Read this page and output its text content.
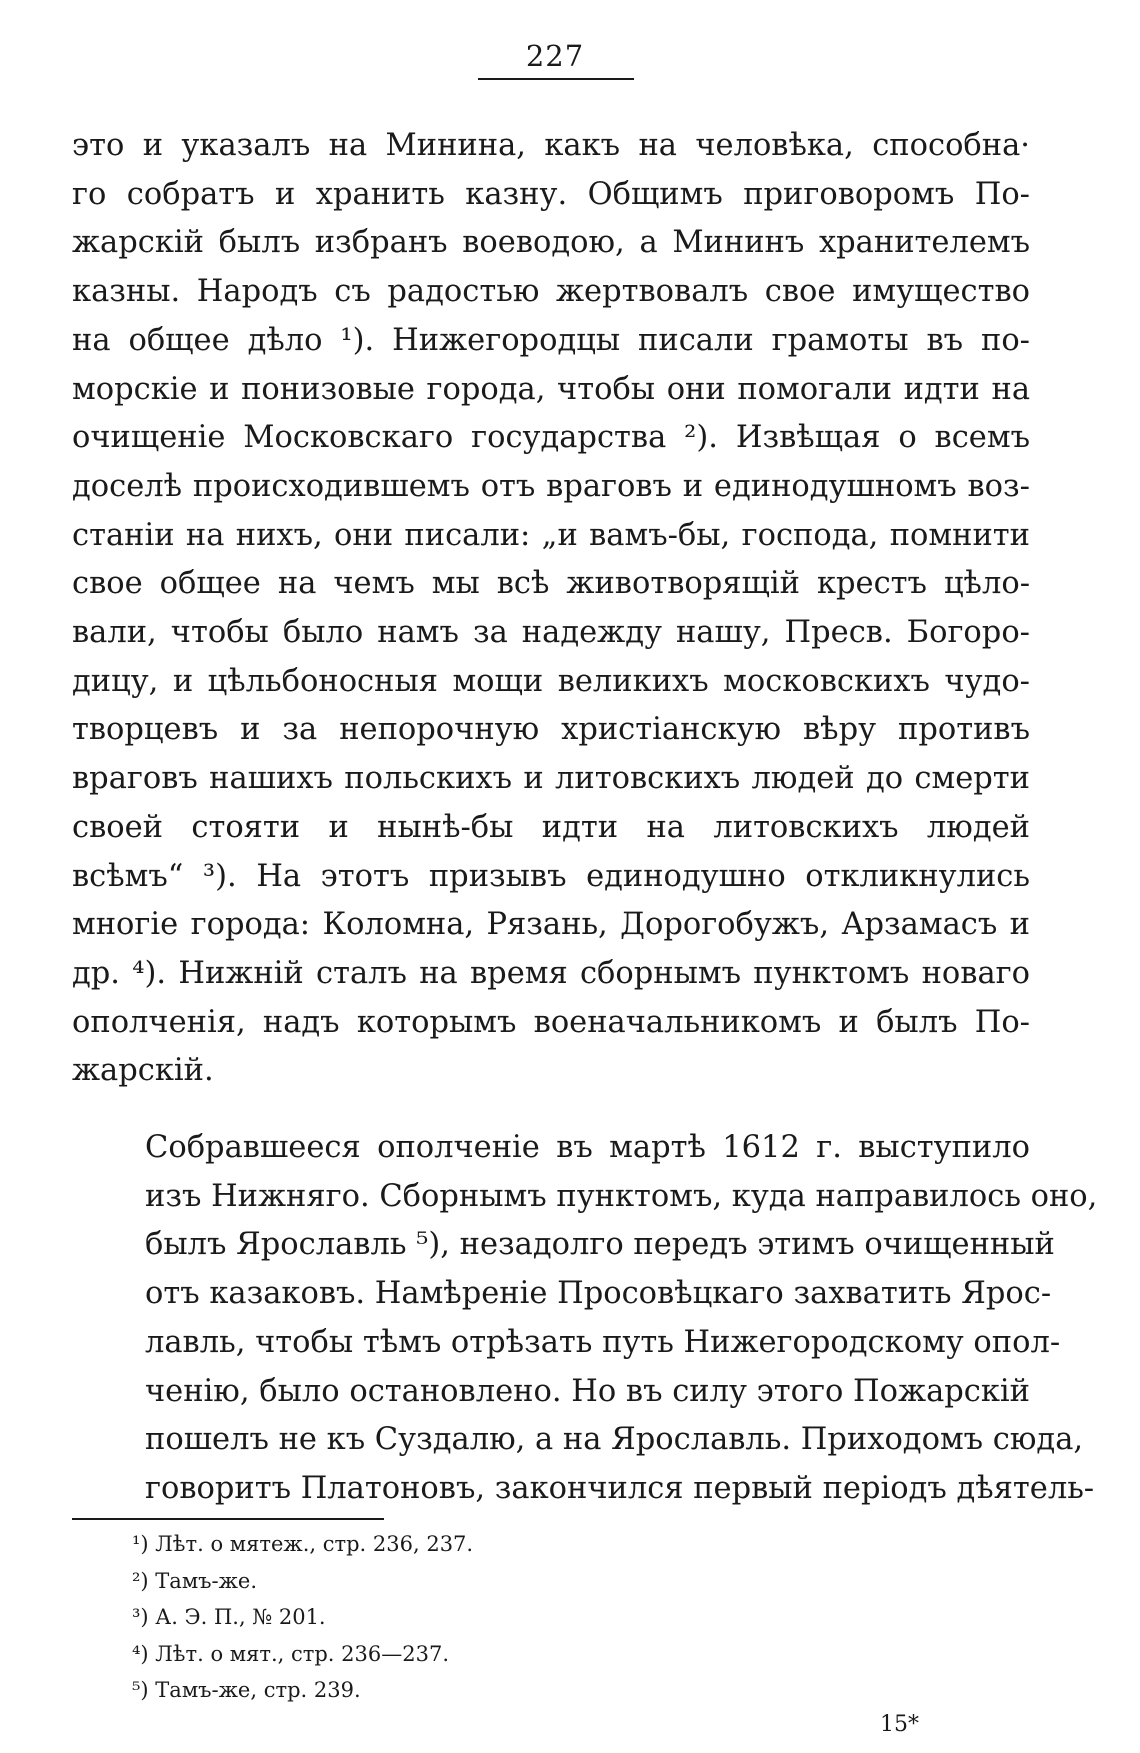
227
это и указалъ на Минина, какъ на человѣка, способна·
го собратъ и хранить казну. Общимъ приговоромъ По-
жарскій былъ избранъ воеводою, а Mининъ хранителемъ
казны. Народъ съ радостью жертвовалъ свое имущество
на общее дѣло ¹). Нижегородцы писали грамоты въ по-
морскіе и понизовые города, чтобы они помогали идти на
очищеніе Московскаго государства ²). Извѣщая о всемъ
доселѣ происходившемъ отъ враговъ и единодушномъ воз-
станіи на нихъ, они писали: „и вамъ-бы, господа, помнити
свое общее на чемъ мы всѣ животворящій крестъ цѣло-
вали, чтобы было намъ за надежду нашу, Пресв. Богоро-
дицу, и цѣльбоносныя мощи великихъ московскихъ чудо-
творцевъ и за непорочную христіанскую вѣру противъ
враговъ нашихъ польскихъ и литовскихъ людей до смерти
своей стояти и нынѣ-бы идти на литовскихъ людей
всѣмъ“ ³). На этотъ призывъ единодушно откликнулись
многіе города: Коломна, Рязань, Дорогобужъ, Арзамасъ и
др. ⁴). Нижній сталъ на время сборнымъ пунктомъ новаго
ополченія, надъ которымъ военачальникомъ и былъ По-
жарскій.
Собравшееся ополченіе въ мартѣ 1612 г. выступило
изъ Нижняго. Сборнымъ пунктомъ, куда направилось оно,
былъ Ярославль ⁵), незадолго передъ этимъ очищенный
отъ казаковъ. Намѣреніе Просовѣцкаго захватить Ярос-
лавль, чтобы тѣмъ отрѣзать путь Нижегородскому опол-
ченію, было остановлено. Но въ силу этого Пожарскій
пошелъ не къ Суздалю, а на Ярославль. Приходомъ сюда,
говоритъ Платоновъ, закончился первый періодъ дѣятель-
¹) Лѣт. о мятеж., стр. 236, 237.
²) Тамъ-же.
³) А. Э. П., № 201.
⁴) Лѣт. о мят., стр. 236—237.
⁵) Тамъ-же, стр. 239.
15*
